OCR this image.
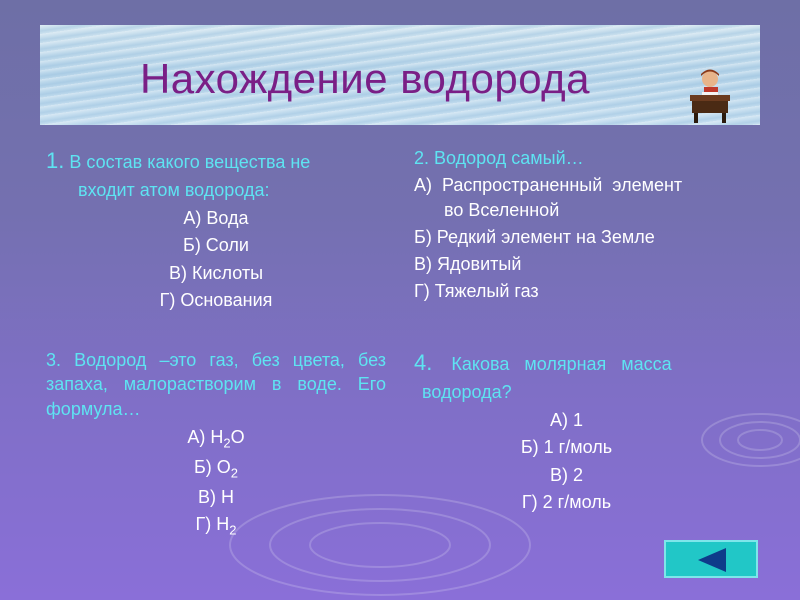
Нахождение водорода
1. В состав какого вещества не
входит атом водорода:
А) Вода
Б) Соли
В) Кислоты
Г) Основания
2. Водород самый…
А)  Распространенный  элемент
во Вселенной
Б) Редкий элемент на Земле
В) Ядовитый
Г) Тяжелый газ
3. Водород –это газ, без цвета, без запаха, малорастворим в воде. Его формула…
А) $Н_2О$
Б) $О_2$
В) Н
Г) $Н_2$
4. Какова   молярная   масса
водорода?
А) 1
Б) 1 г/моль
В) 2
Г) 2 г/моль
